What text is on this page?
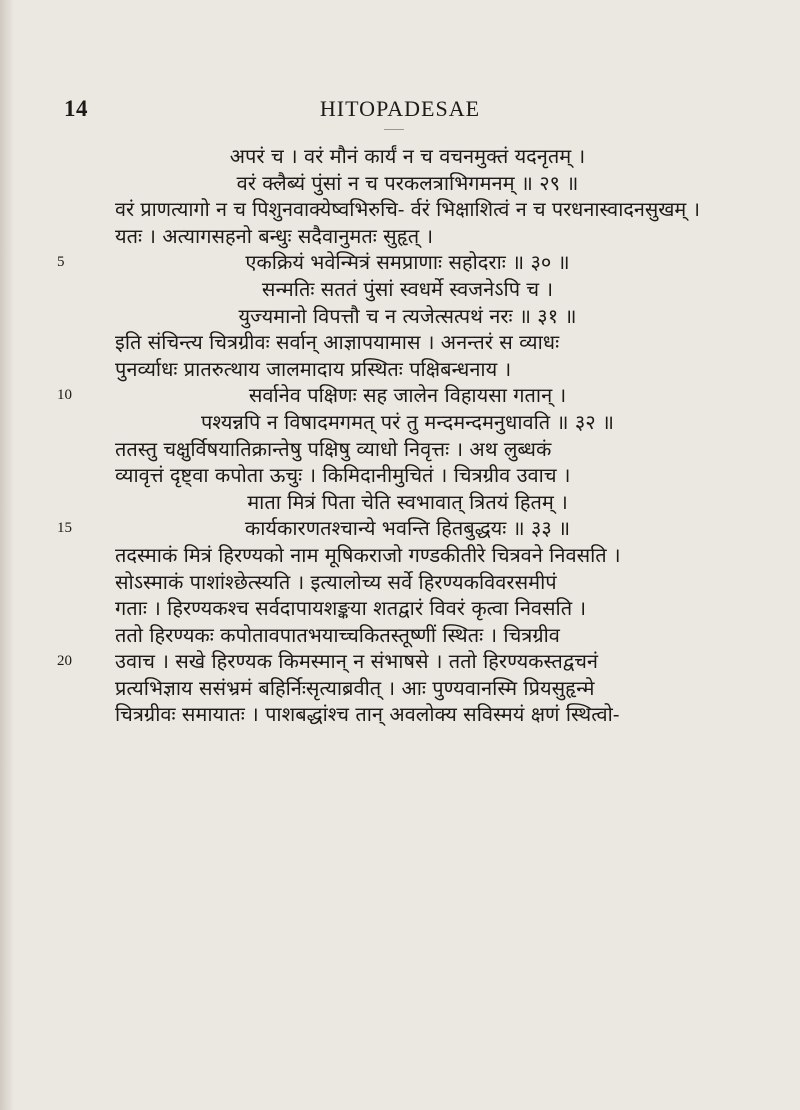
14	HITOPADESAE
अपरं च । वरं मौनं कार्यं न च वचनमुक्तं यदनृतम् ।
वरं क्लैब्यं पुंसां न च परकलत्राभिगमनम् ॥ २९ ॥
वरं प्राणत्यागो न च पिशुनवाक्येष्वभिरुचि- र्वरं भिक्षाशित्वं न च परधनास्वादनसुखम् ।
यतः । अत्यागसहनो बन्धुः सदैवानुमतः सुहृत् ।
5	एकक्रियं भवेन्मित्रं समप्राणाः सहोदराः ॥ ३० ॥
सन्मतिः सततं पुंसां स्वधर्मे स्वजनेऽपि च ।
युज्यमानो विपत्तौ च न त्यजेत्सत्पथं नरः ॥ ३१ ॥
इति संचिन्त्य चित्रग्रीवः सर्वान् आज्ञापयामास । अनन्तरं स व्याधः
पुनर्व्याधः प्रातरुत्थाय जालमादाय प्रस्थितः पक्षिबन्धनाय ।
10	सर्वानेव पक्षिणः सह जालेन विहायसा गतान् ।
पश्यन्नपि न विषादमगमत् परं तु मन्दमन्दमनुधावति ॥ ३२ ॥
ततस्तु चक्षुर्विषयातिक्रान्तेषु पक्षिषु व्याधो निवृत्तः । अथ लुब्धकं
व्यावृत्तं दृष्ट्वा कपोता ऊचुः । किमिदानीमुचितं । चित्रग्रीव उवाच ।
माता मित्रं पिता चेति स्वभावात् त्रितयं हितम् ।
15	कार्यकारणतश्चान्ये भवन्ति हितबुद्धयः ॥ ३३ ॥
तदस्माकं मित्रं हिरण्यको नाम मूषिकराजो गण्डकीतीरे चित्रवने निवसति ।
सोऽस्माकं पाशांश्छेत्स्यति । इत्यालोच्य सर्वे हिरण्यकविवरसमीपं
गताः । हिरण्यकश्च सर्वदापायशङ्कया शतद्वारं विवरं कृत्वा निवसति ।
ततो हिरण्यकः कपोतावपातभयाच्चकितस्तूष्णीं स्थितः । चित्रग्रीव
20	उवाच । सखे हिरण्यक किमस्मान् न संभाषसे । ततो हिरण्यकस्तद्वचनं
प्रत्यभिज्ञाय ससंभ्रमं बहिर्निःसृत्याब्रवीत् । आः पुण्यवानस्मि प्रियसुहृन्मे
चित्रग्रीवः समायातः । पाशबद्धांश्च तान् अवलोक्य सविस्मयं क्षणं स्थित्वो-
